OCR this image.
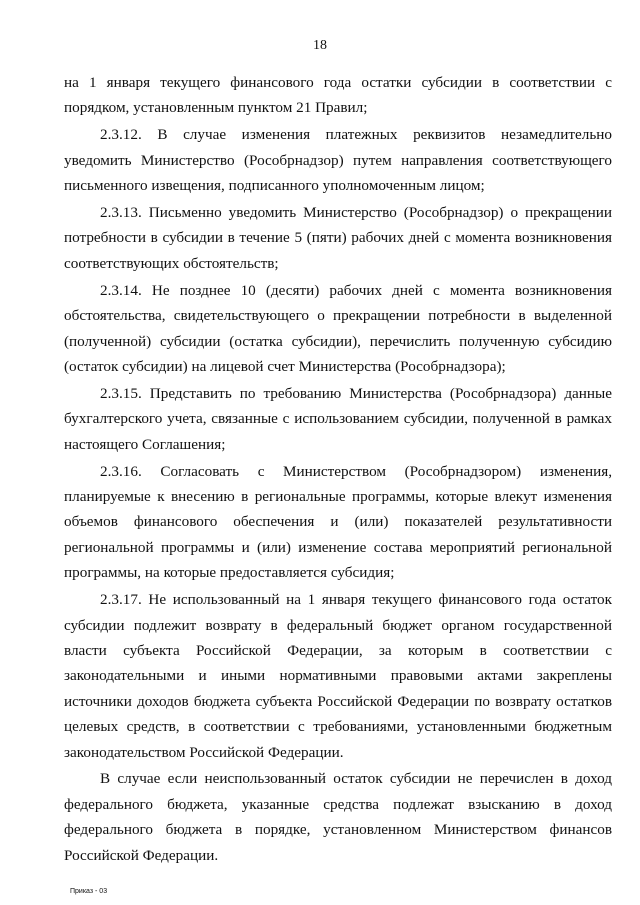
18

на 1 января текущего финансового года остатки субсидии в соответствии с порядком, установленным пунктом 21 Правил;

2.3.12. В случае изменения платежных реквизитов незамедлительно уведомить Министерство (Рособрнадзор) путем направления соответствующего письменного извещения, подписанного уполномоченным лицом;

2.3.13. Письменно уведомить Министерство (Рособрнадзор) о прекращении потребности в субсидии в течение 5 (пяти) рабочих дней с момента возникновения соответствующих обстоятельств;

2.3.14. Не позднее 10 (десяти) рабочих дней с момента возникновения обстоятельства, свидетельствующего о прекращении потребности в выделенной (полученной) субсидии (остатка субсидии), перечислить полученную субсидию (остаток субсидии) на лицевой счет Министерства (Рособрнадзора);

2.3.15. Представить по требованию Министерства (Рособрнадзора) данные бухгалтерского учета, связанные с использованием субсидии, полученной в рамках настоящего Соглашения;

2.3.16. Согласовать с Министерством (Рособрнадзором) изменения, планируемые к внесению в региональные программы, которые влекут изменения объемов финансового обеспечения и (или) показателей результативности региональной программы и (или) изменение состава мероприятий региональной программы, на которые предоставляется субсидия;

2.3.17. Не использованный на 1 января текущего финансового года остаток субсидии подлежит возврату в федеральный бюджет органом государственной власти субъекта Российской Федерации, за которым в соответствии с законодательными и иными нормативными правовыми актами закреплены источники доходов бюджета субъекта Российской Федерации по возврату остатков целевых средств, в соответствии с требованиями, установленными бюджетным законодательством Российской Федерации.

В случае если неиспользованный остаток субсидии не перечислен в доход федерального бюджета, указанные средства подлежат взысканию в доход федерального бюджета в порядке, установленном Министерством финансов Российской Федерации.

Приказ - 03
